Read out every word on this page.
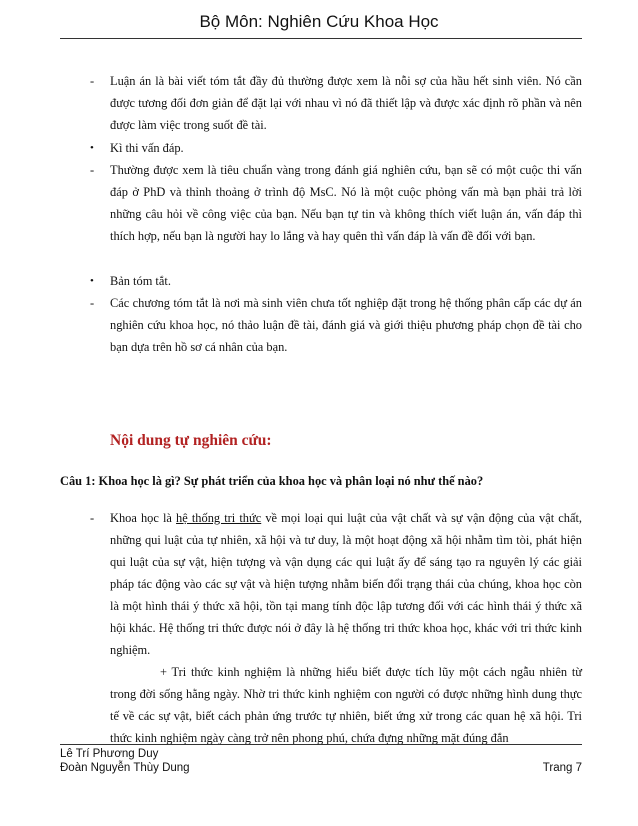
Bộ Môn: Nghiên Cứu Khoa Học
- Luận án là bài viết tóm tắt đầy đủ thường được xem là nỗi sợ của hầu hết sinh viên. Nó cần được tương đối đơn giản để đặt lại với nhau vì nó đã thiết lập và được xác định rõ phần và nên được làm việc trong suốt đề tài.
• Kì thi vấn đáp.
- Thường được xem là tiêu chuẩn vàng trong đánh giá nghiên cứu, bạn sẽ có một cuộc thi vấn đáp ở PhD và thỉnh thoảng ở trình độ MsC. Nó là một cuộc phỏng vấn mà bạn phải trả lời những câu hỏi về công việc của bạn. Nếu bạn tự tin và không thích viết luận án, vấn đáp thì thích hợp, nếu bạn là người hay lo lắng và hay quên thì vấn đáp là vấn đề đối với bạn.
• Bản tóm tắt.
- Các chương tóm tắt là nơi mà sinh viên chưa tốt nghiệp đặt trong hệ thống phân cấp các dự án nghiên cứu khoa học, nó thảo luận đề tài, đánh giá và giới thiệu phương pháp chọn đề tài cho bạn dựa trên hồ sơ cá nhân của bạn.
Nội dung tự nghiên cứu:
Câu 1: Khoa học là gì? Sự phát triển của khoa học và phân loại nó như thế nào?
- Khoa học là hệ thống tri thức về mọi loại qui luật của vật chất và sự vận động của vật chất, những qui luật của tự nhiên, xã hội và tư duy, là một hoạt động xã hội nhằm tìm tòi, phát hiện qui luật của sự vật, hiện tượng và vận dụng các qui luật ấy để sáng tạo ra nguyên lý các giải pháp tác động vào các sự vật và hiện tượng nhằm biến đổi trạng thái của chúng, khoa học còn là một hình thái ý thức xã hội, tồn tại mang tính độc lập tương đối với các hình thái ý thức xã hội khác. Hệ thống tri thức được nói ở đây là hệ thống tri thức khoa học, khác với tri thức kinh nghiệm.
+ Tri thức kinh nghiệm là những hiểu biết được tích lũy một cách ngẫu nhiên từ trong đời sống hằng ngày. Nhờ tri thức kinh nghiệm con người có được những hình dung thực tế về các sự vật, biết cách phản ứng trước tự nhiên, biết ứng xử trong các quan hệ xã hội. Tri thức kinh nghiệm ngày càng trở nên phong phú, chứa đựng những mặt đúng đắn
Lê Trí Phương Duy
Đoàn Nguyễn Thùy Dung	Trang 7
